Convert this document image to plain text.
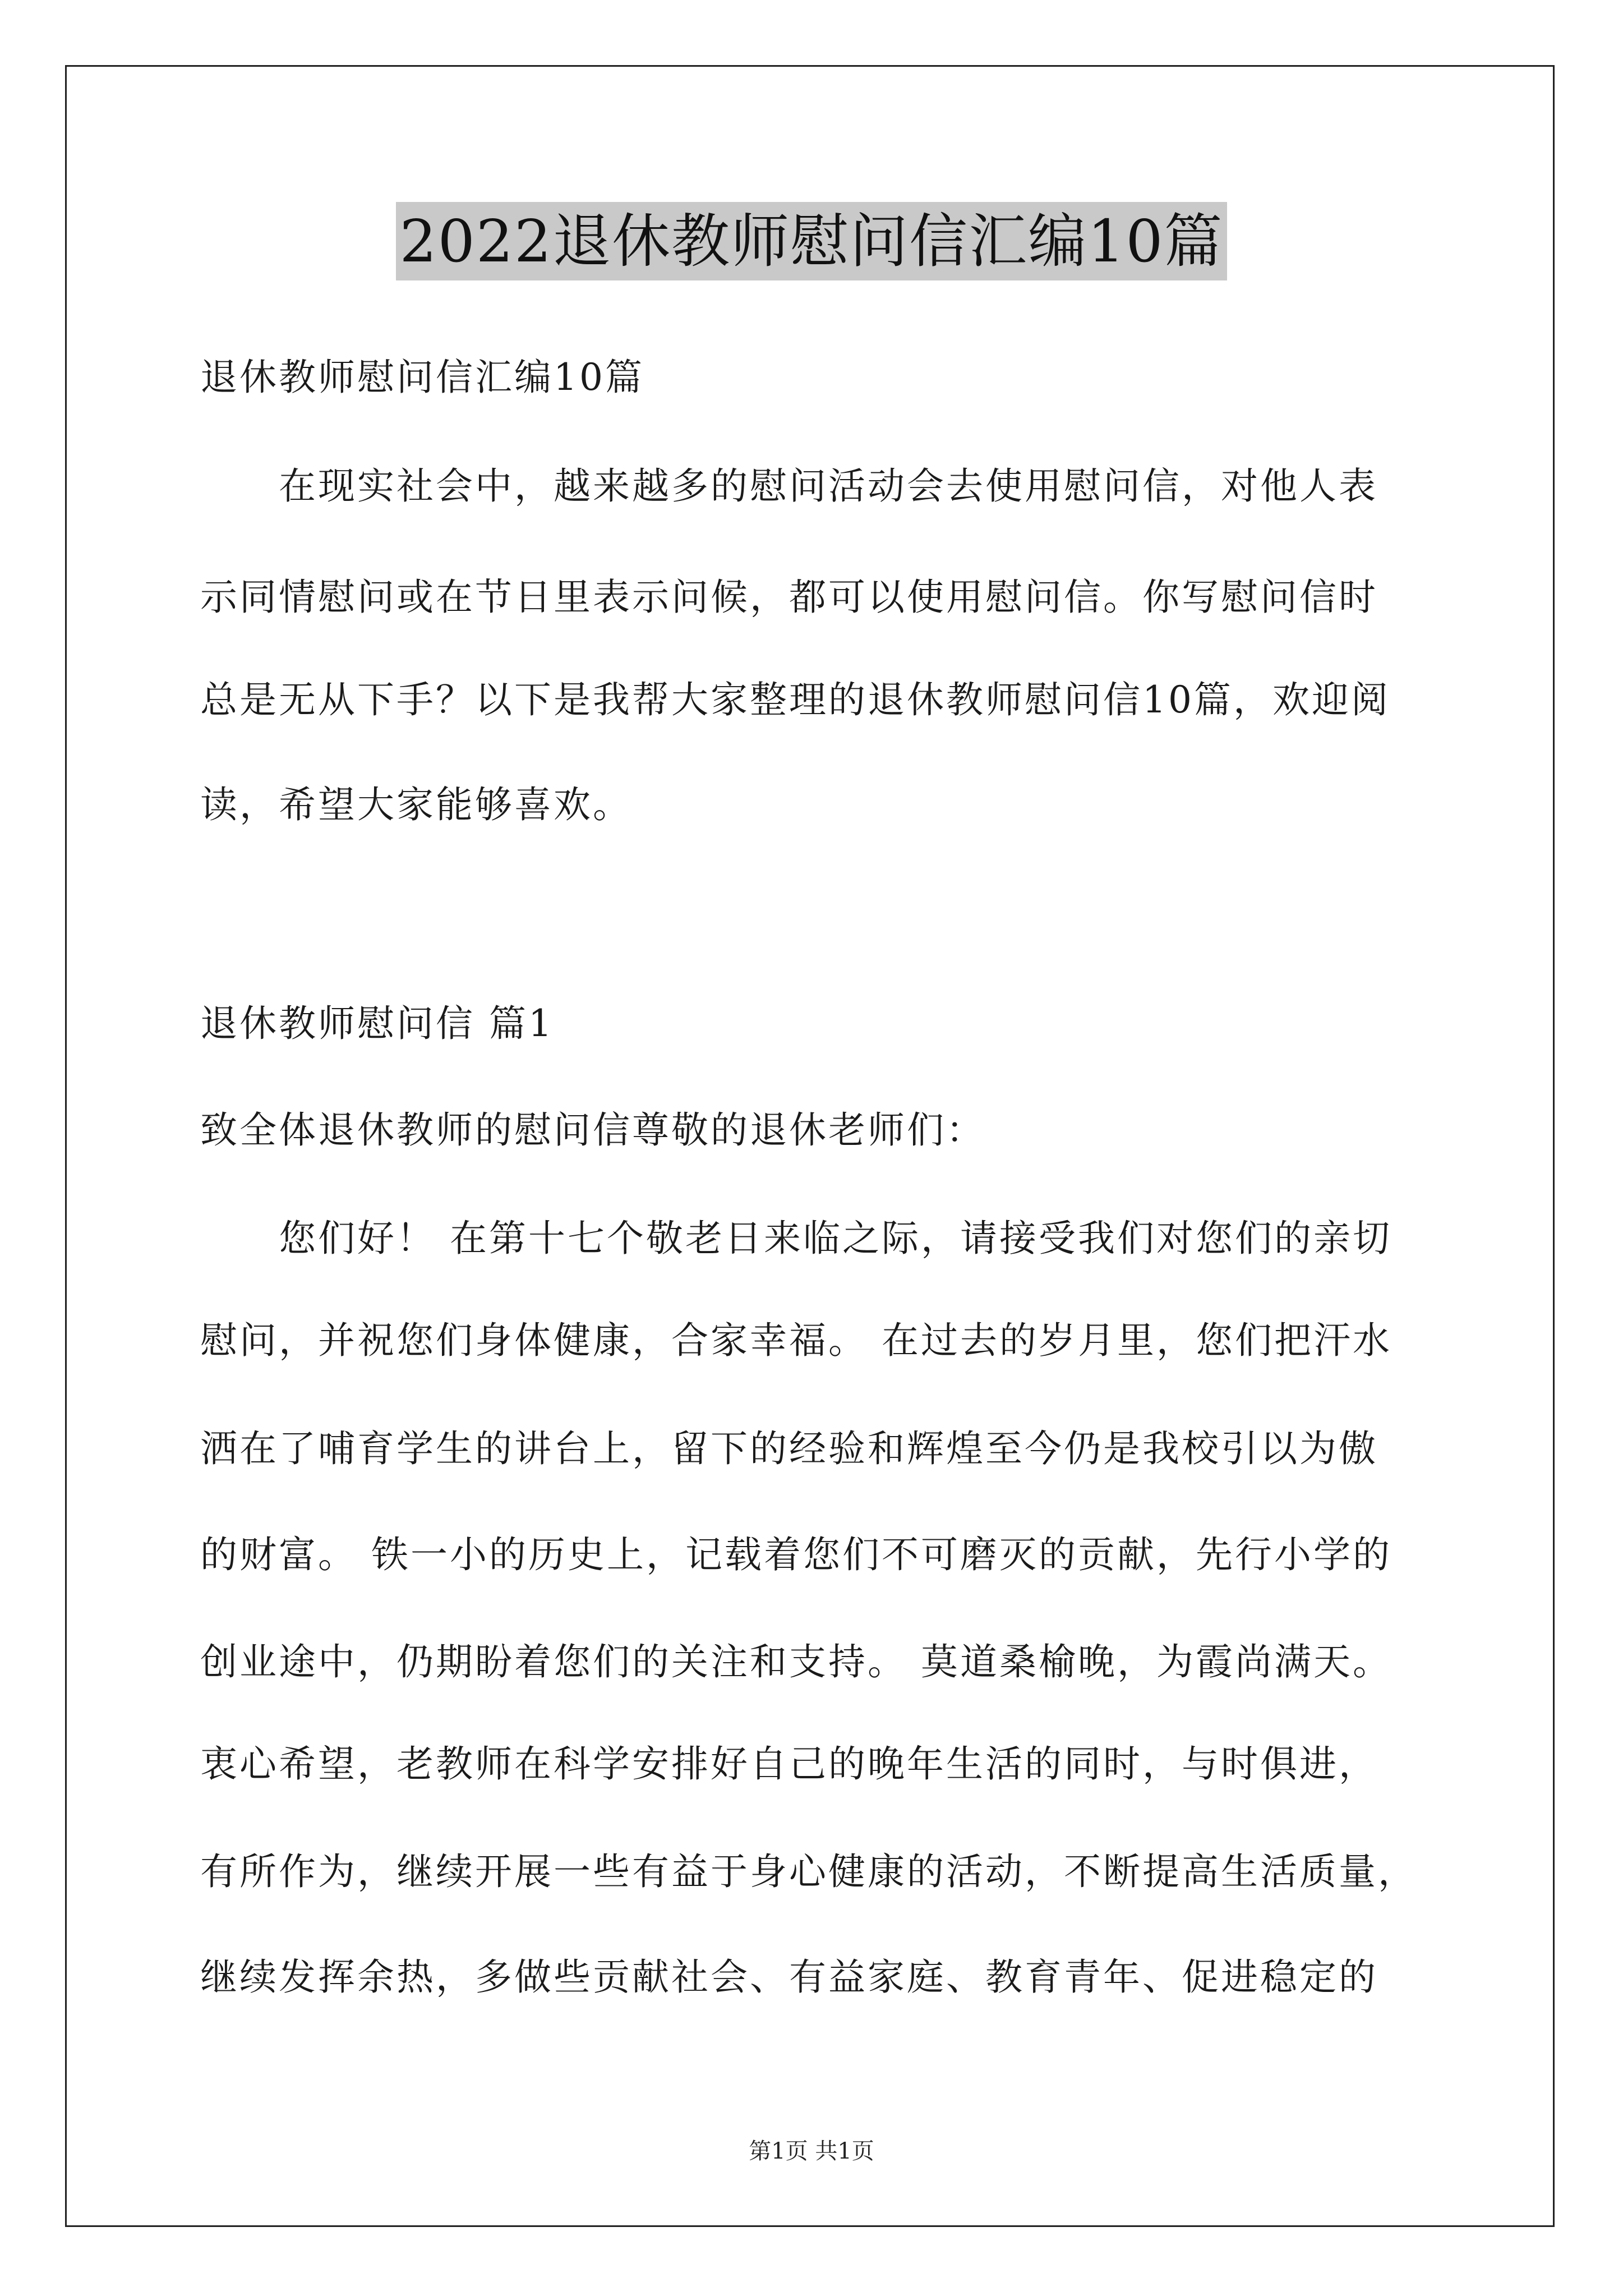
2022退休教师慰问信汇编10篇
退休教师慰问信汇编10篇
在现实社会中，越来越多的慰问活动会去使用慰问信，对他人表
示同情慰问或在节日里表示问候，都可以使用慰问信。你写慰问信时
总是无从下手？以下是我帮大家整理的退休教师慰问信10篇，欢迎阅
读，希望大家能够喜欢。
退休教师慰问信 篇1
致全体退休教师的慰问信尊敬的退休老师们：
您们好！ 在第十七个敬老日来临之际，请接受我们对您们的亲切
慰问，并祝您们身体健康，合家幸福。 在过去的岁月里，您们把汗水
洒在了哺育学生的讲台上，留下的经验和辉煌至今仍是我校引以为傲
的财富。 铁一小的历史上，记载着您们不可磨灭的贡献，先行小学的
创业途中，仍期盼着您们的关注和支持。 莫道桑榆晚，为霞尚满天。
衷心希望，老教师在科学安排好自己的晚年生活的同时，与时俱进，
有所作为，继续开展一些有益于身心健康的活动，不断提高生活质量，
继续发挥余热，多做些贡献社会、有益家庭、教育青年、促进稳定的
第1页 共1页
